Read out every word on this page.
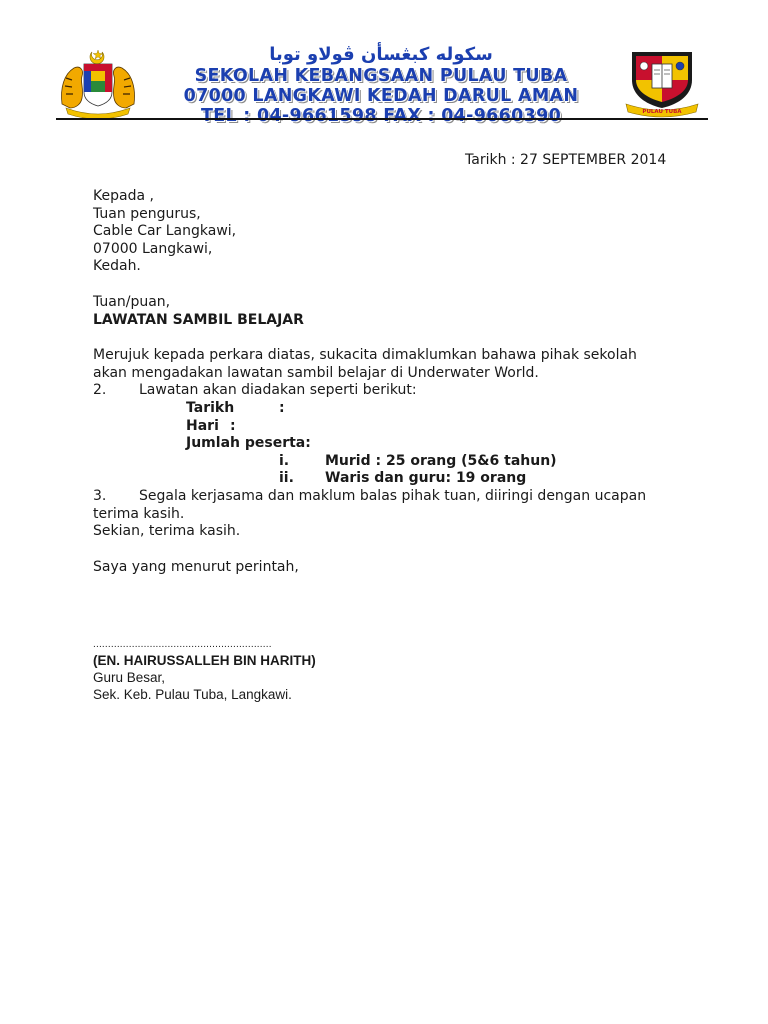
سکوله کبڠسأن ڤولاو توبا
SEKOLAH KEBANGSAAN PULAU TUBA
07000 LANGKAWI KEDAH DARUL AMAN
TEL : 04-9661598 FAX : 04-9660390	PULAU TUBA
Tarikh : 27 SEPTEMBER 2014
Kepada ,
Tuan pengurus,
Cable Car Langkawi,
07000 Langkawi,
Kedah.
Tuan/puan,
LAWATAN SAMBIL BELAJAR
Merujuk kepada perkara diatas, sukacita dimaklumkan bahawa pihak sekolah
akan mengadakan lawatan sambil belajar di Underwater World.
2. Lawatan akan diadakan seperti berikut:
Tarikh	:
Hari :
Jumlah peserta:
i.	Murid : 25 orang (5&6 tahun)
ii. Waris dan guru: 19 orang
3. Segala kerjasama dan maklum balas pihak tuan, diiringi dengan ucapan
terima kasih.
Sekian, terima kasih.
Saya yang menurut perintah,
............................................................
(EN. HAIRUSSALLEH BIN HARITH)
Guru Besar,
Sek. Keb. Pulau Tuba, Langkawi.
